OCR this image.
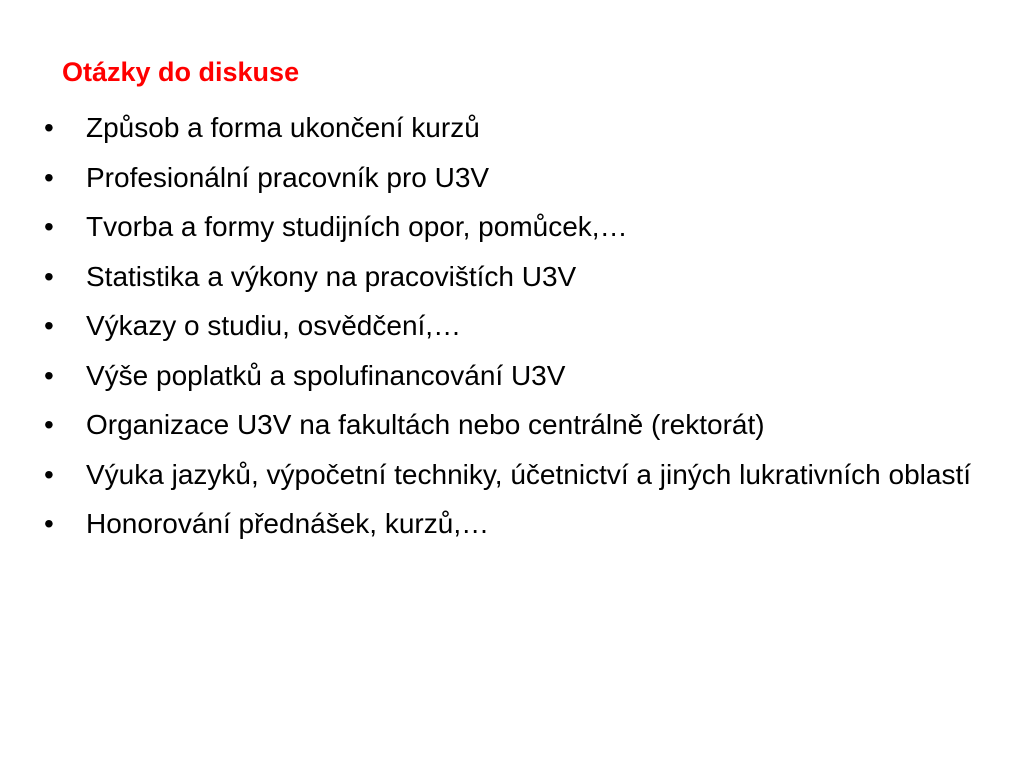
Otázky do diskuse
•	Způsob a forma ukončení kurzů
•	Profesionální pracovník pro U3V
•	Tvorba a formy studijních opor, pomůcek,…
•	Statistika a výkony na pracovištích U3V
•	Výkazy o studiu, osvědčení,…
•	Výše poplatků a spolufinancování U3V
•	Organizace U3V na fakultách nebo centrálně (rektorát)
•	Výuka jazyků, výpočetní techniky, účetnictví a jiných lukrativních oblastí
•	Honorování přednášek, kurzů,…
